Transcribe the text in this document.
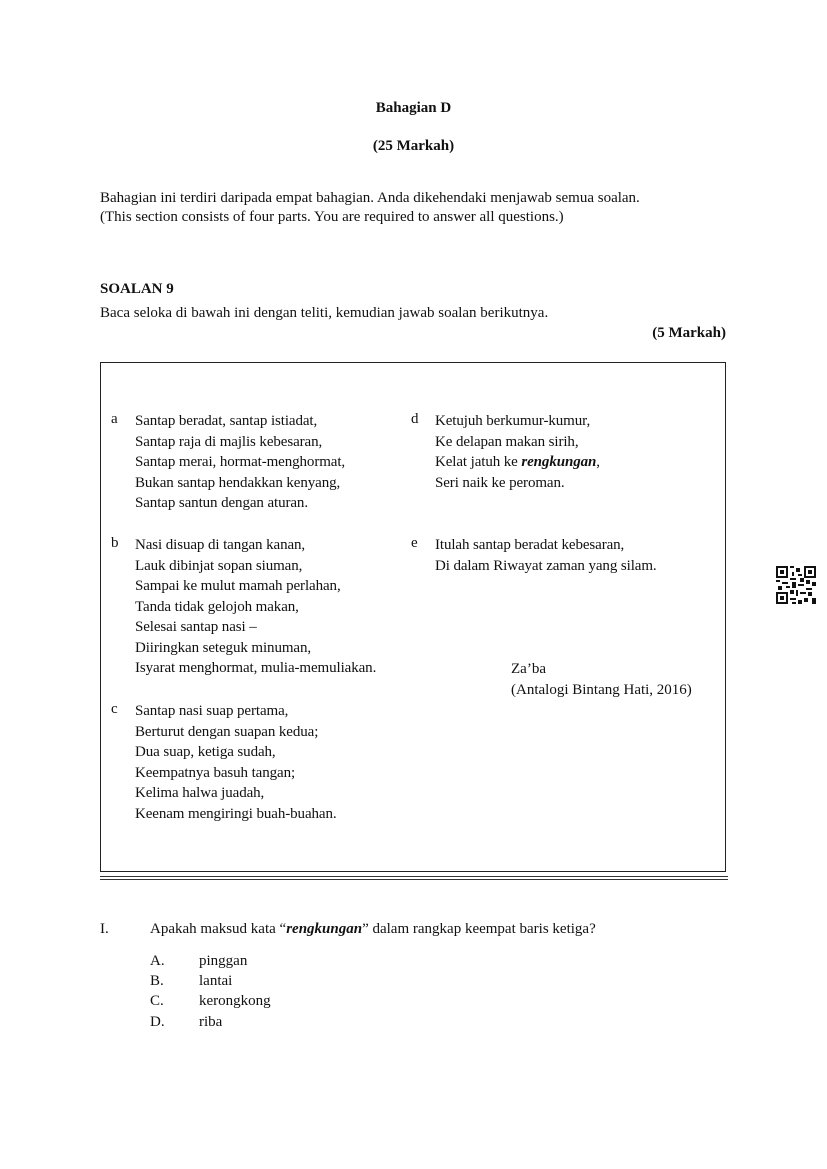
Bahagian D
(25 Markah)
Bahagian ini terdiri daripada empat bahagian. Anda dikehendaki menjawab semua soalan.
(This section consists of four parts. You are required to answer all questions.)
SOALAN 9
Baca seloka di bawah ini dengan teliti, kemudian jawab soalan berikutnya.
(5 Markah)
a	Santap beradat, santap istiadat,
Santap raja di majlis kebesaran,
Santap merai, hormat-menghormat,
Bukan santap hendakkan kenyang,
Santap santun dengan aturan.
b	Nasi disuap di tangan kanan,
Lauk dibinjat sopan siuman,
Sampai ke mulut mamah perlahan,
Tanda tidak gelojoh makan,
Selesai santap nasi –
Diiringkan seteguk minuman,
Isyarat menghormat, mulia-memuliakan.
c	Santap nasi suap pertama,
Berturut dengan suapan kedua;
Dua suap, ketiga sudah,
Keempatnya basuh tangan;
Kelima halwa juadah,
Keenam mengiringi buah-buahan.
d	Ketujuh berkumur-kumur,
Ke delapan makan sirih,
Kelat jatuh ke rengkungan,
Seri naik ke peroman.
e	Itulah santap beradat kebesaran,
Di dalam Riwayat zaman yang silam.
Za’ba
(Antalogi Bintang Hati, 2016)
I.	Apakah maksud kata “rengkungan” dalam rangkap keempat baris ketiga?
A. pinggan
B. lantai
C. kerongkong
D. riba
